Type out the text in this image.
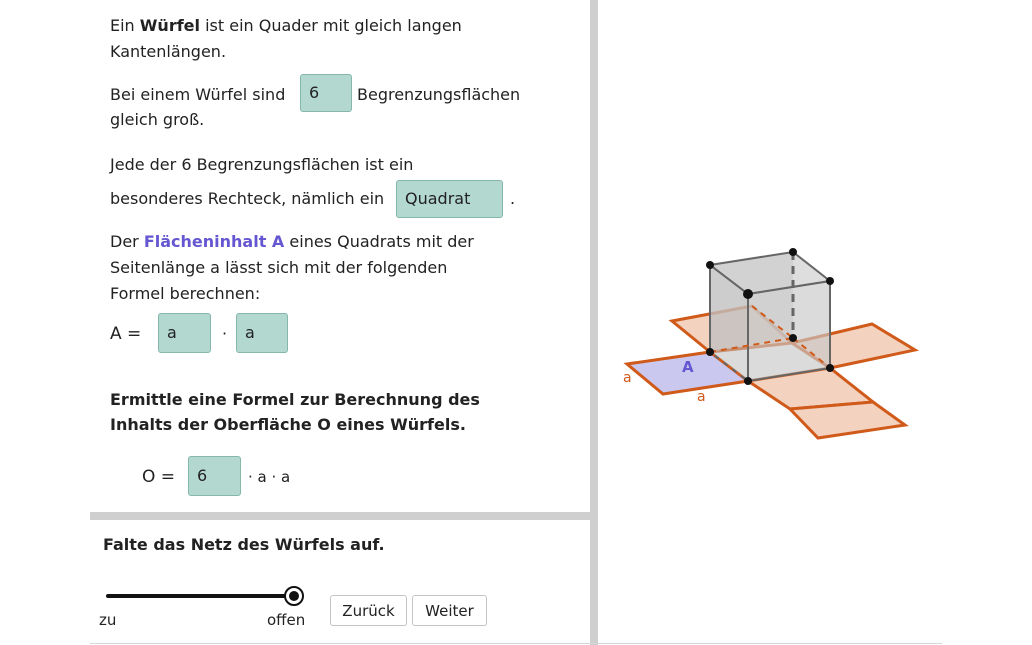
Ein Würfel ist ein Quader mit gleich langen
Kantenlängen.
Bei einem Würfel sind	6	Begrenzungsflächen
gleich groß.
Jede der 6 Begrenzungsflächen ist ein
besonderes Rechteck, nämlich ein	Quadrat	.
Der Flächeninhalt A eines Quadrats mit der
Seitenlänge a lässt sich mit der folgenden
Formel berechnen:
A =	a	·	a
Ermittle eine Formel zur Berechnung des
Inhalts der Oberfläche O eines Würfels.
O =	6	· a · a
Falte das Netz des Würfels auf.
zu	offen
Zurück	Weiter
A
a
a
